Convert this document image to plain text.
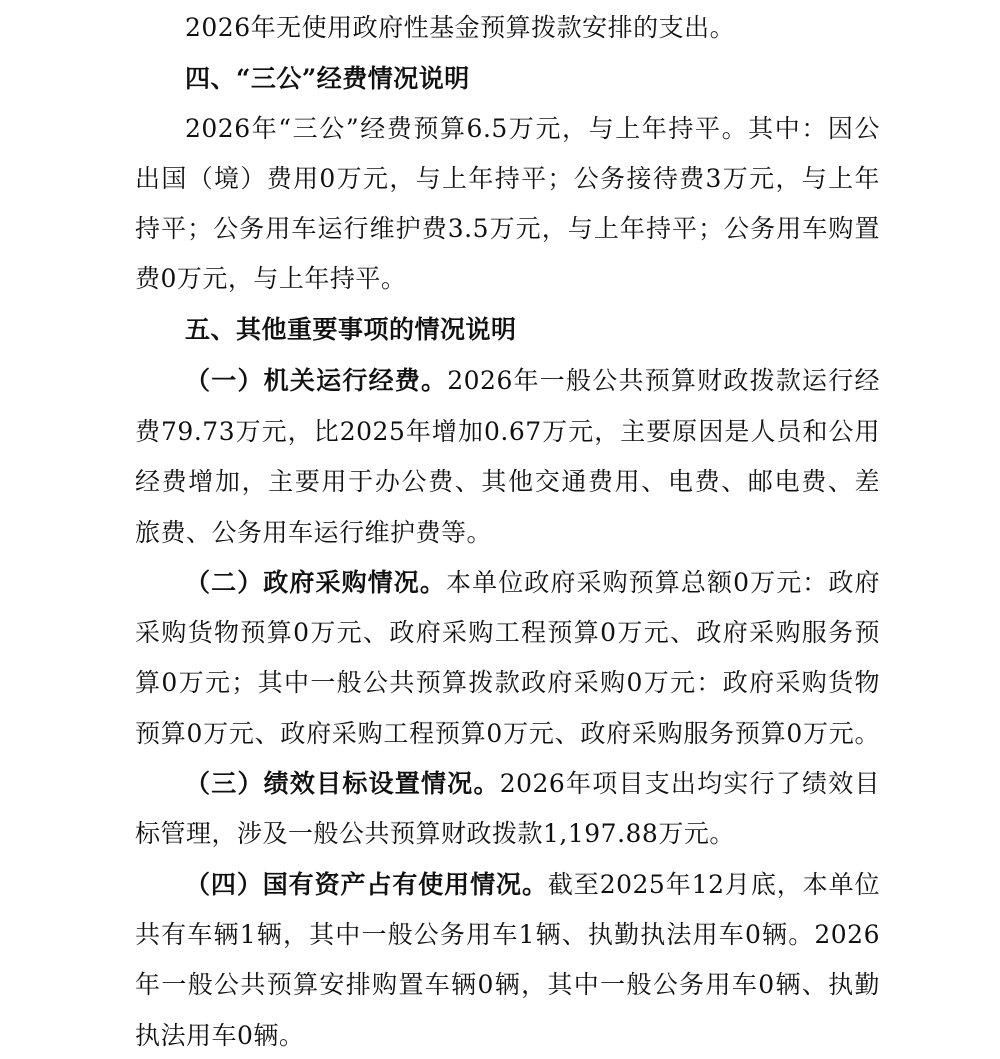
2026年无使用政府性基金预算拨款安排的支出。
四、“三公”经费情况说明
2026年“三公”经费预算6.5万元，与上年持平。其中：因公
出国（境）费用0万元，与上年持平；公务接待费3万元，与上年
持平；公务用车运行维护费3.5万元，与上年持平；公务用车购置
费0万元，与上年持平。
五、其他重要事项的情况说明
（一）机关运行经费。2026年一般公共预算财政拨款运行经
费79.73万元，比2025年增加0.67万元，主要原因是人员和公用
经费增加，主要用于办公费、其他交通费用、电费、邮电费、差
旅费、公务用车运行维护费等。
（二）政府采购情况。本单位政府采购预算总额0万元：政府
采购货物预算0万元、政府采购工程预算0万元、政府采购服务预
算0万元；其中一般公共预算拨款政府采购0万元：政府采购货物
预算0万元、政府采购工程预算0万元、政府采购服务预算0万元。
（三）绩效目标设置情况。2026年项目支出均实行了绩效目
标管理，涉及一般公共预算财政拨款1,197.88万元。
（四）国有资产占有使用情况。截至2025年12月底，本单位
共有车辆1辆，其中一般公务用车1辆、执勤执法用车0辆。2026
年一般公共预算安排购置车辆0辆，其中一般公务用车0辆、执勤
执法用车0辆。
